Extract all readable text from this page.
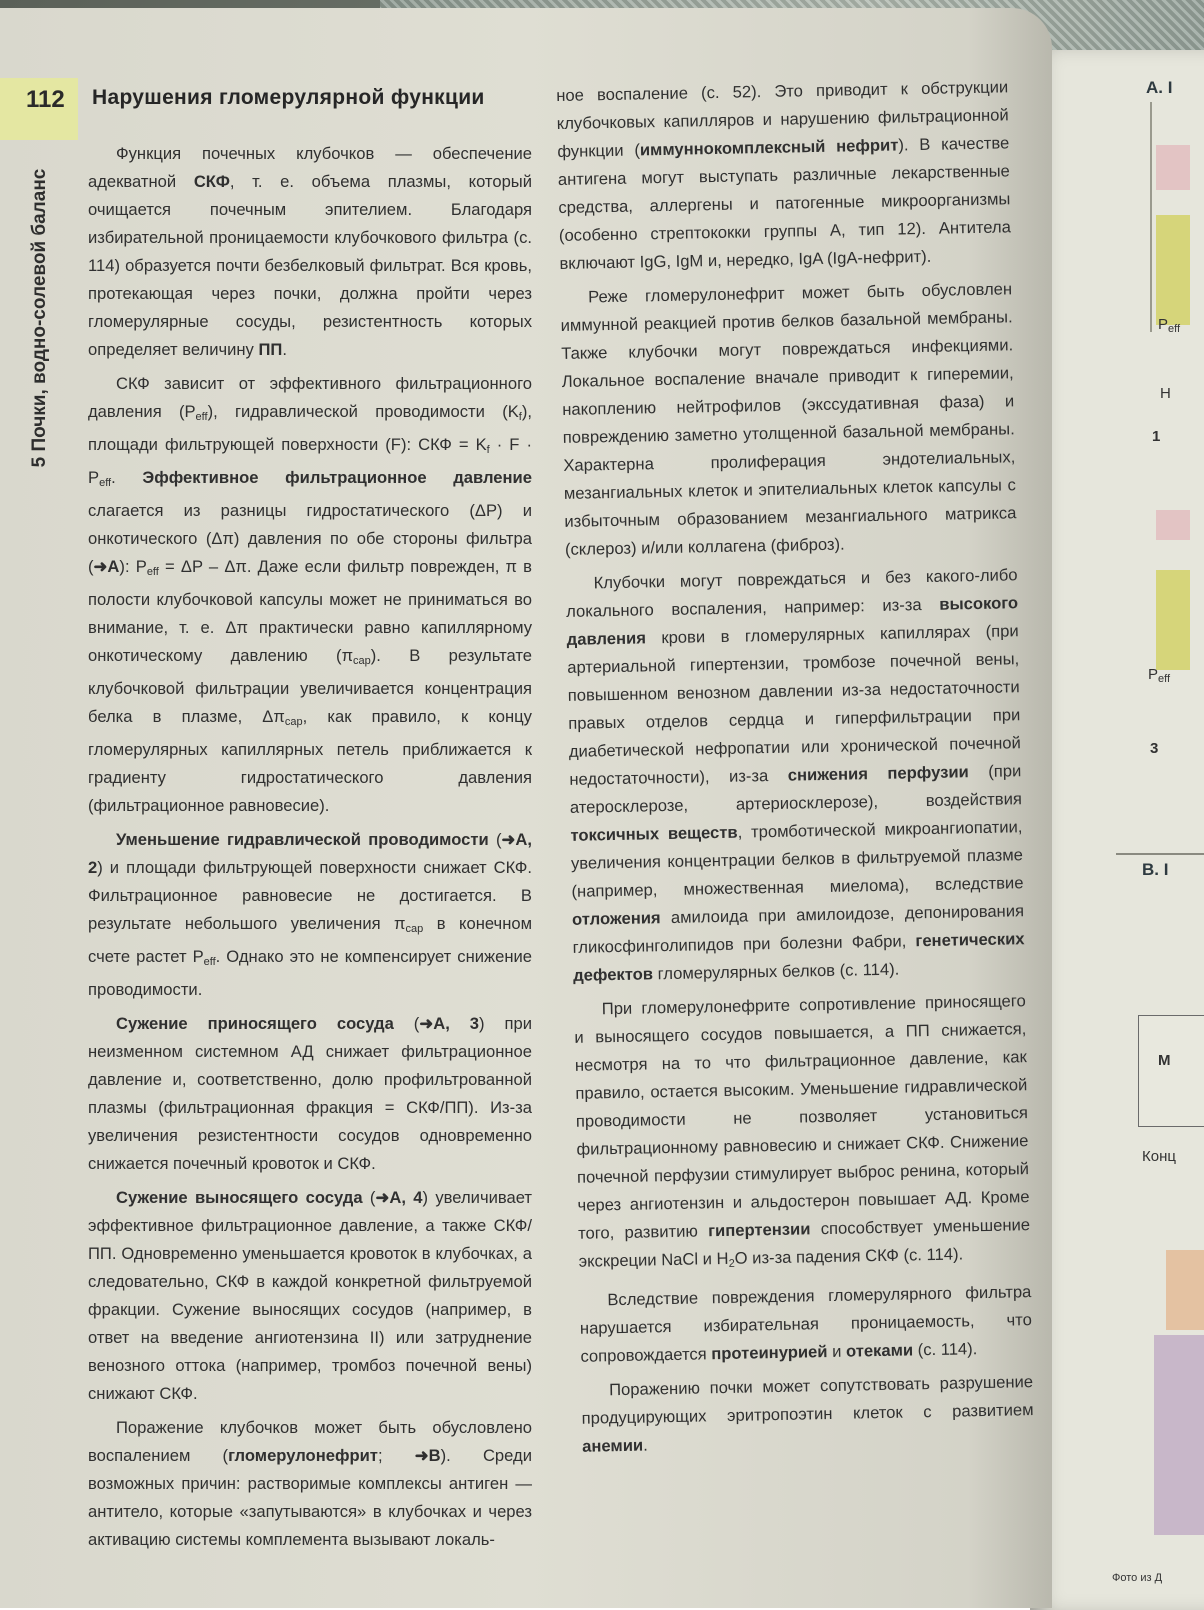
A. I
$P_{eff}$
H
1
$P_{eff}$
3
B. I
M
Конц
Фото из Д
5 Почки, водно-солевой баланс
112 Нарушения гломерулярной функции

Функция почечных клубочков — обеспечение адекватной СКФ, т. е. объема плазмы, который очищается почечным эпителием. Благодаря избирательной проницаемости клубочкового фильтра (с. 114) образуется почти безбелковый фильтрат. Вся кровь, протекающая через почки, должна пройти через гломерулярные сосуды, резистентность которых определяет величину ПП.

СКФ зависит от эффективного фильтрационного давления $(P_{eff})$, гидравлической проводимости $(K_f)$, площади фильтрующей поверхности (F): СКФ = $K_f \cdot F \cdot P_{eff}$. Эффективное фильтрационное давление слагается из разницы гидростатического (ΔP) и онкотического (Δπ) давления по обе стороны фильтра (➜A): $P_{eff} = \Delta P - \Delta\pi$. Даже если фильтр поврежден, π в полости клубочковой капсулы может не приниматься во внимание, т. е. Δπ практически равно капиллярному онкотическому давлению $(\pi_{cap})$. В результате клубочковой фильтрации увеличивается концентрация белка в плазме, $\Delta\pi_{cap}$, как правило, к концу гломерулярных капиллярных петель приближается к градиенту гидростатического давления (фильтрационное равновесие).

Уменьшение гидравлической проводимости (➜A, 2) и площади фильтрующей поверхности снижает СКФ. Фильтрационное равновесие не достигается. В результате небольшого увеличения $\pi_{cap}$ в конечном счете растет $P_{eff}$. Однако это не компенсирует снижение проводимости.

Сужение приносящего сосуда (➜A, 3) при неизменном системном АД снижает фильтрационное давление и, соответственно, долю профильтрованной плазмы (фильтрационная фракция = СКФ/ПП). Из-за увеличения резистентности сосудов одновременно снижается почечный кровоток и СКФ.

Сужение выносящего сосуда (➜A, 4) увеличивает эффективное фильтрационное давление, а также СКФ/ПП. Одновременно уменьшается кровоток в клубочках, а следовательно, СКФ в каждой конкретной фильтруемой фракции. Сужение выносящих сосудов (например, в ответ на введение ангиотензина II) или затруднение венозного оттока (например, тромбоз почечной вены) снижают СКФ.

Поражение клубочков может быть обусловлено воспалением (гломерулонефрит; ➜B). Среди возможных причин: растворимые комплексы антиген — антитело, которые «запутываются» в клубочках и через активацию системы комплемента вызывают локаль-

ное воспаление (с. 52). Это приводит к обструкции клубочковых капилляров и нарушению фильтрационной функции (иммуннокомплексный нефрит). В качестве антигена могут выступать различные лекарственные средства, аллергены и патогенные микроорганизмы (особенно стрептококки группы A, тип 12). Антитела включают IgG, IgM и, нередко, IgA (IgA-нефрит).

Реже гломерулонефрит может быть обусловлен иммунной реакцией против белков базальной мембраны. Также клубочки могут повреждаться инфекциями. Локальное воспаление вначале приводит к гиперемии, накоплению нейтрофилов (экссудативная фаза) и повреждению заметно утолщенной базальной мембраны. Характерна пролиферация эндотелиальных, мезангиальных клеток и эпителиальных клеток капсулы с избыточным образованием мезангиального матрикса (склероз) и/или коллагена (фиброз).

Клубочки могут повреждаться и без какого-либо локального воспаления, например: из-за высокого давления крови в гломерулярных капиллярах (при артериальной гипертензии, тромбозе почечной вены, повышенном венозном давлении из-за недостаточности правых отделов сердца и гиперфильтрации при диабетической нефропатии или хронической почечной недостаточности), из-за снижения перфузии (при атеросклерозе, артериосклерозе), воздействия токсичных веществ, тромботической микроангиопатии, увеличения концентрации белков в фильтруемой плазме (например, множественная миелома), вследствие отложения амилоида при амилоидозе, депонирования гликосфинголипидов при болезни Фабри, генетических дефектов гломерулярных белков (с. 114).

При гломерулонефрите сопротивление приносящего и выносящего сосудов повышается, а ПП снижается, несмотря на то что фильтрационное давление, как правило, остается высоким. Уменьшение гидравлической проводимости не позволяет установиться фильтрационному равновесию и снижает СКФ. Снижение почечной перфузии стимулирует выброс ренина, который через ангиотензин и альдостерон повышает АД. Кроме того, развитию гипертензии способствует уменьшение экскреции NaCl и $H_2O$ из-за падения СКФ (с. 114).

Вследствие повреждения гломерулярного фильтра нарушается избирательная проницаемость, что сопровождается протеинурией и отеками (с. 114).

Поражению почки может сопутствовать разрушение продуцирующих эритропоэтин клеток с развитием анемии.
